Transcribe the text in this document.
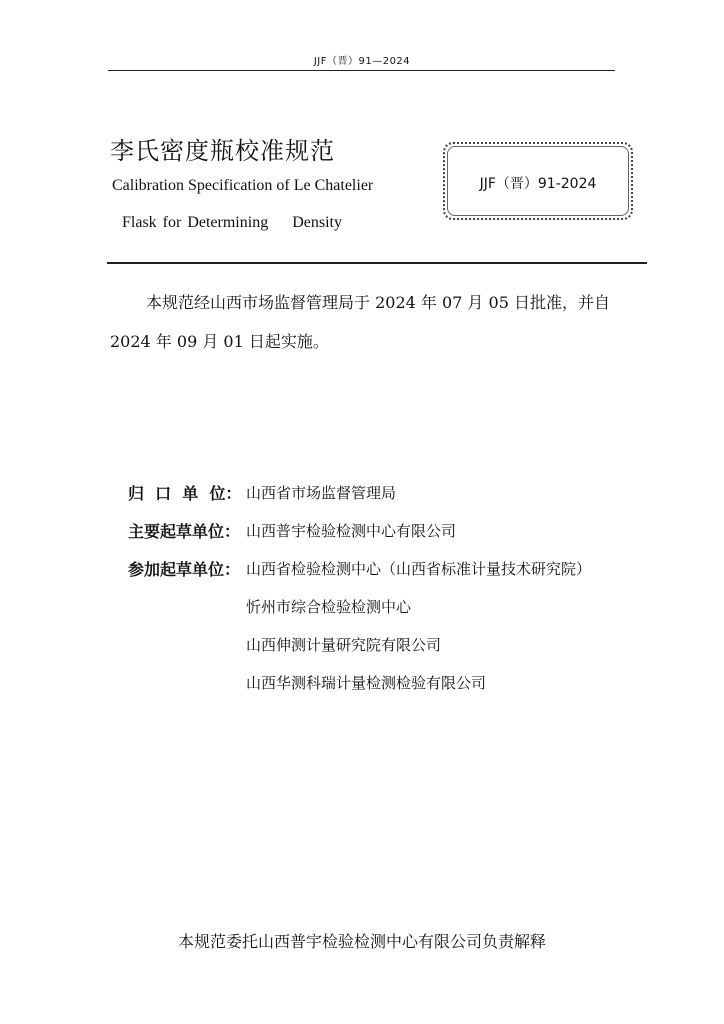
JJF（晋）91—2024
李氏密度瓶校准规范
Calibration Specification of Le Chatelier
Flask for Determining    Density
JJF（晋）91-2024
本规范经山西市场监督管理局于 2024 年 07 月 05 日批准，并自
2024 年 09 月 01 日起实施。
归  口  单  位： 山西省市场监督管理局
主要起草单位： 山西普宇检验检测中心有限公司
参加起草单位： 山西省检验检测中心（山西省标准计量技术研究院）
忻州市综合检验检测中心
山西伸测计量研究院有限公司
山西华测科瑞计量检测检验有限公司
本规范委托山西普宇检验检测中心有限公司负责解释
